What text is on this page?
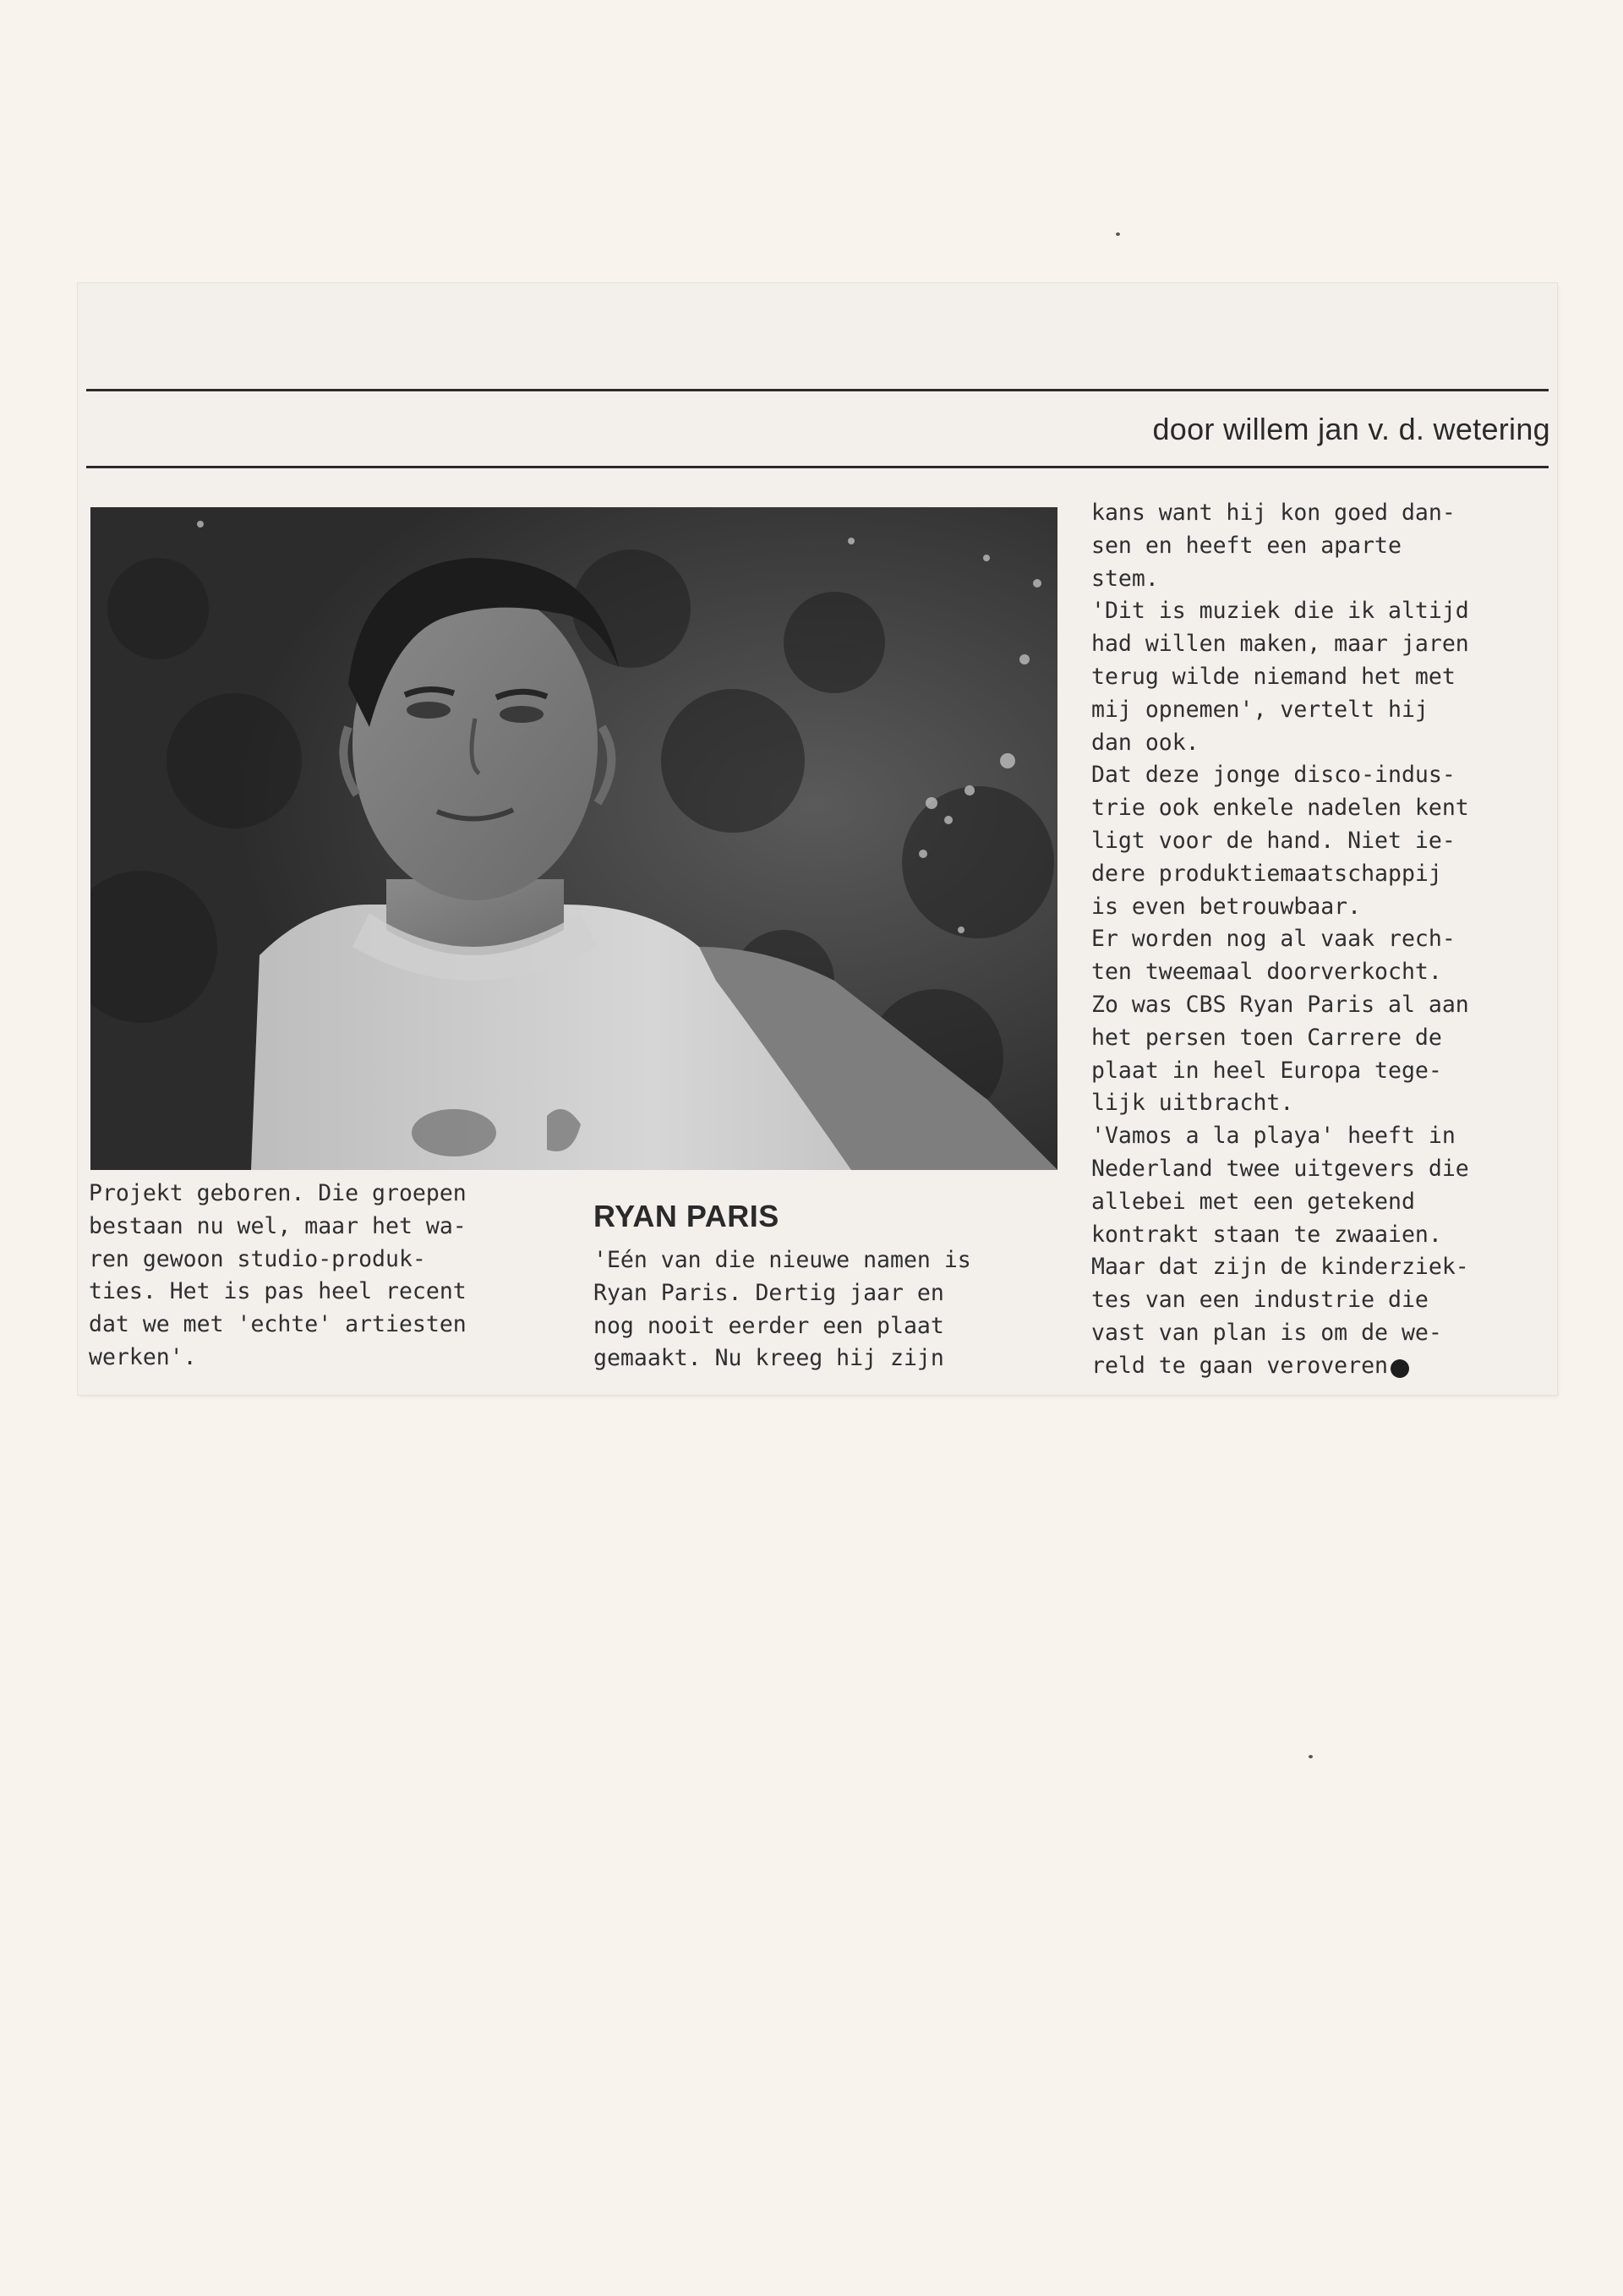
door willem jan v. d. wetering
Projekt geboren. Die groepen
bestaan nu wel, maar het wa-
ren gewoon studio-produk-
ties. Het is pas heel recent
dat we met 'echte' artiesten
werken'.
RYAN PARIS
'Eén van die nieuwe namen is
Ryan Paris. Dertig jaar en
nog nooit eerder een plaat
gemaakt. Nu kreeg hij zijn
kans want hij kon goed dan-
sen en heeft een aparte
stem.
'Dit is muziek die ik altijd
had willen maken, maar jaren
terug wilde niemand het met
mij opnemen', vertelt hij
dan ook.
Dat deze jonge disco-indus-
trie ook enkele nadelen kent
ligt voor de hand. Niet ie-
dere produktiemaatschappij
is even betrouwbaar.
Er worden nog al vaak rech-
ten tweemaal doorverkocht.
Zo was CBS Ryan Paris al aan
het persen toen Carrere de
plaat in heel Europa tege-
lijk uitbracht.
'Vamos a la playa' heeft in
Nederland twee uitgevers die
allebei met een getekend
kontrakt staan te zwaaien.
Maar dat zijn de kinderziek-
tes van een industrie die
vast van plan is om de we-
reld te gaan veroveren
